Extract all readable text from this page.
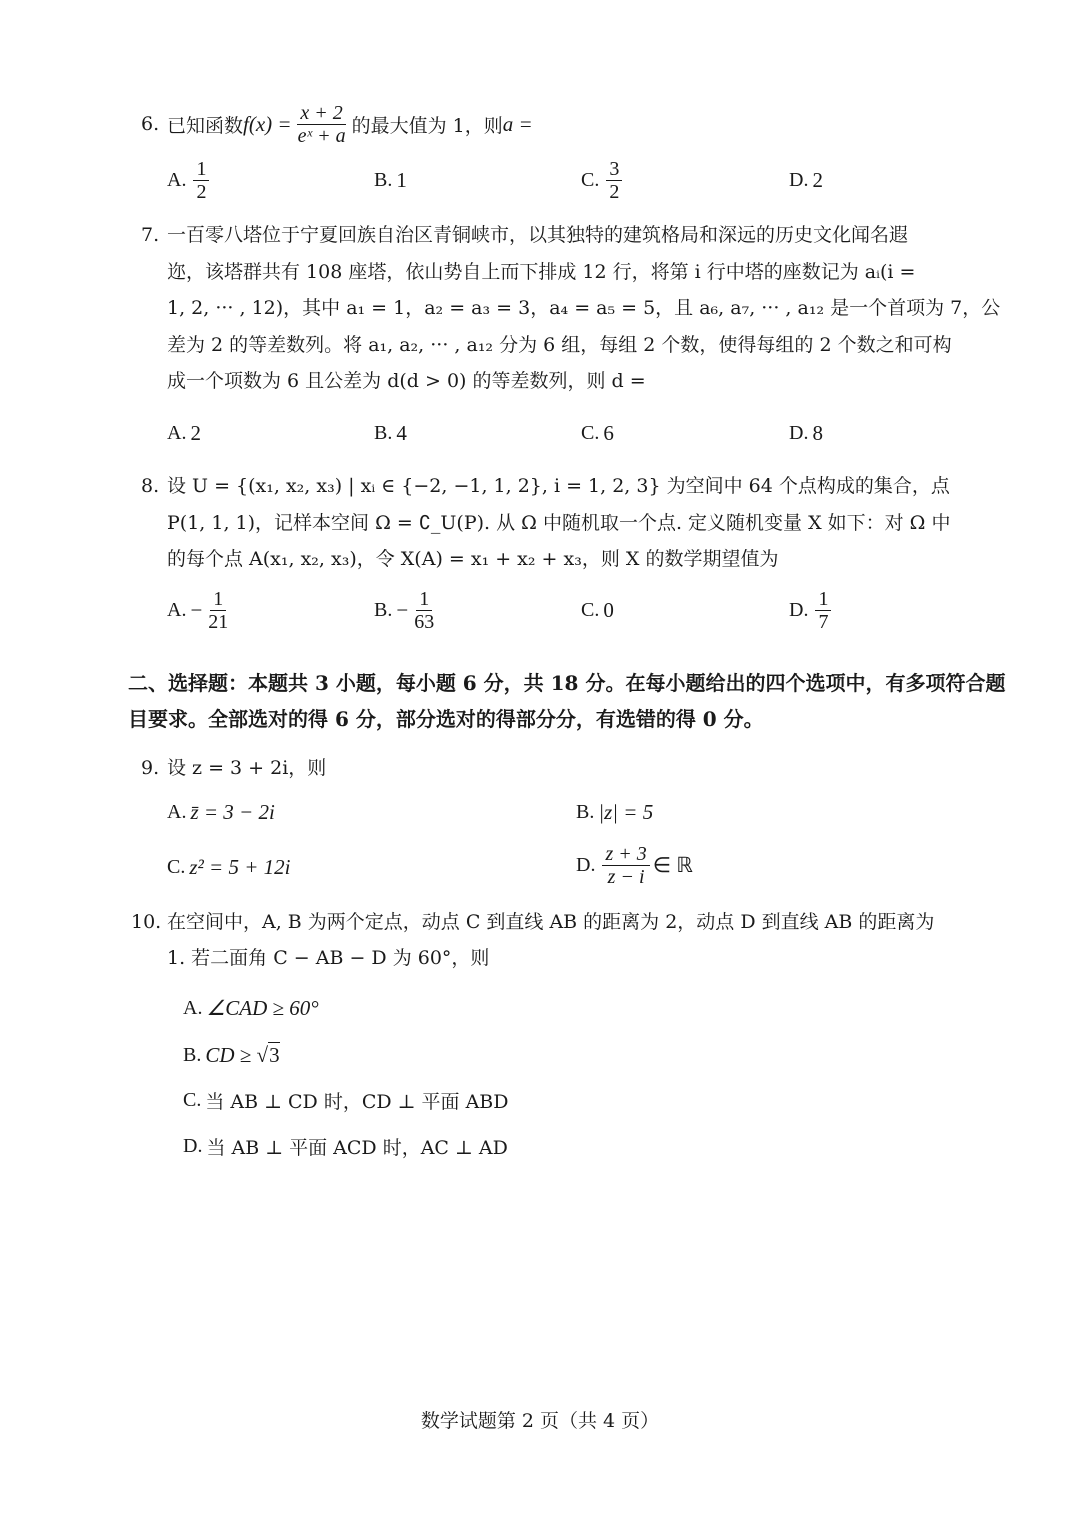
6. 已知函数 $f(x) = \frac{x + 2}{\text{eˣ + a}}$ 的最大值为 1，则 a =
A. $\frac{1}{2}$	B. 1	C. $\frac{3}{2}$	D. 2
7. 一百零八塔位于宁夏回族自治区青铜峡市，以其独特的建筑格局和深远的历史文化闻名遐
迩，该塔群共有 108 座塔，依山势自上而下排成 12 行，将第 i 行中塔的座数记为 aᵢ(i =
1, 2, ··· , 12)，其中 a₁ = 1，a₂ = a₃ = 3，a₄ = a₅ = 5，且 a₆, a₇, ··· , a₁₂ 是一个首项为 7，公
差为 2 的等差数列。将 a₁, a₂, ··· , a₁₂ 分为 6 组，每组 2 个数，使得每组的 2 个数之和可构
成一个项数为 6 且公差为 d(d > 0) 的等差数列，则 d =
A. 2	B. 4	C. 6	D. 8
8. 设 U = {(x₁, x₂, x₃) | xᵢ ∈ {−2, −1, 1, 2}, i = 1, 2, 3} 为空间中 64 个点构成的集合，点
P(1, 1, 1)，记样本空间 Ω = ∁_U(P). 从 Ω 中随机取一个点. 定义随机变量 X 如下：对 Ω 中
的每个点 A(x₁, x₂, x₃)，令 X(A) = x₁ + x₂ + x₃，则 X 的数学期望值为
A. − $\frac{1}{21}$	B. − $\frac{1}{63}$	C. 0	D. $\frac{1}{7}$
二、选择题：本题共 3 小题，每小题 6 分，共 18 分。在每小题给出的四个选项中，有多项符合题
目要求。全部选对的得 6 分，部分选对的得部分分，有选错的得 0 分。
9. 设 z = 3 + 2i，则
A. z̄ = 3 − 2i	B. |z| = 5
C. z² = 5 + 12i	D. $\frac{z + 3}{z - i}$ ∈ ℝ
10. 在空间中，A, B 为两个定点，动点 C 到直线 AB 的距离为 2，动点 D 到直线 AB 的距离为
1. 若二面角 C − AB − D 为 60°，则
A. ∠CAD ≥ 60°
B. CD ≥ √ 3
C. 当 AB ⊥ CD 时，CD ⊥ 平面 ABD
D. 当 AB ⊥ 平面 ACD 时，AC ⊥ AD
数学试题第 2 页（共 4 页）
